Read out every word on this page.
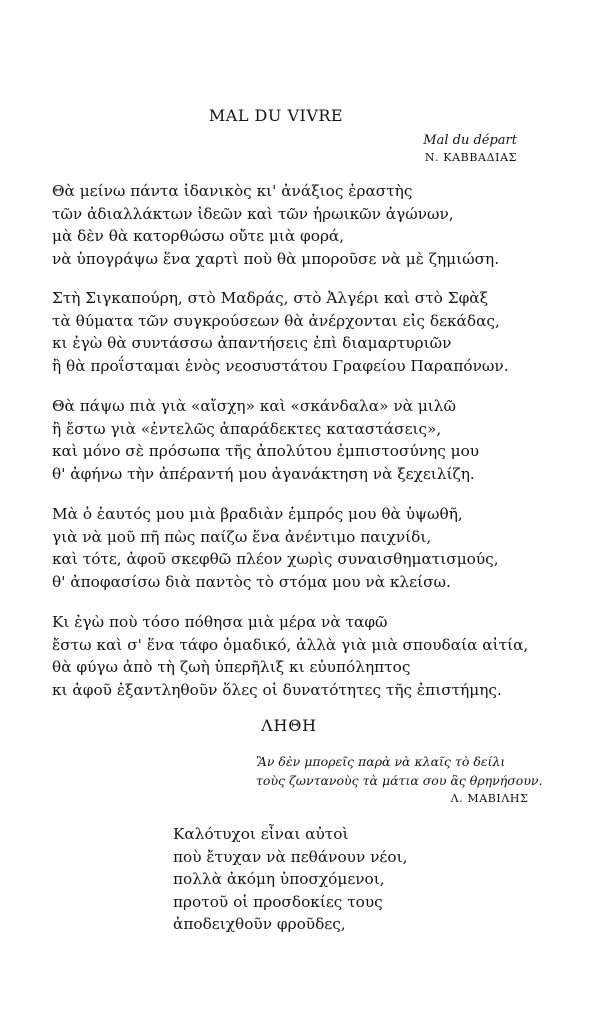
MAL DU VIVRE
Mal du départ
Ν. ΚΑΒΒΑΔΙΑΣ
Θὰ μείνω πάντα ἰδανικὸς κι' ἀνάξιος ἐραστὴς
τῶν ἀδιαλλάκτων ἰδεῶν καὶ τῶν ἡρωικῶν ἀγώνων,
μὰ δὲν θὰ κατορθώσω οὔτε μιὰ φορά,
νὰ ὑπογράψω ἕνα χαρτὶ ποὺ θὰ μποροῦσε νὰ μὲ ζημιώση.
Στὴ Σιγκαπούρη, στὸ Μαδράς, στὸ Ἀλγέρι καὶ στὸ Σφὰξ
τὰ θύματα τῶν συγκρούσεων θὰ ἀνέρχονται εἰς δεκάδας,
κι ἐγὼ θὰ συντάσσω ἀπαντήσεις ἐπὶ διαμαρτυριῶν
ἢ θὰ προΐσταμαι ἑνὸς νεοσυστάτου Γραφείου Παραπόνων.
Θὰ πάψω πιὰ γιὰ «αἴσχη» καὶ «σκάνδαλα» νὰ μιλῶ
ἢ ἔστω γιὰ «ἐντελῶς ἀπαράδεκτες καταστάσεις»,
καὶ μόνο σὲ πρόσωπα τῆς ἀπολύτου ἐμπιστοσύνης μου
θ' ἀφήνω τὴν ἀπέραντή μου ἀγανάκτηση νὰ ξεχειλίζη.
Μὰ ὁ ἑαυτός μου μιὰ βραδιὰν ἐμπρός μου θὰ ὑψωθῆ,
γιὰ νὰ μοῦ πῆ πὼς παίζω ἕνα ἀνέντιμο παιχνίδι,
καὶ τότε, ἀφοῦ σκεφθῶ πλέον χωρὶς συναισθηματισμούς,
θ' ἀποφασίσω διὰ παντὸς τὸ στόμα μου νὰ κλείσω.
Κι ἐγὼ ποὺ τόσο πόθησα μιὰ μέρα νὰ ταφῶ
ἔστω καὶ σ' ἕνα τάφο ὁμαδικό, ἀλλὰ γιὰ μιὰ σπουδαία αἰτία,
θὰ φύγω ἀπὸ τὴ ζωὴ ὑπερῆλιξ κι εὐυπόληπτος
κι ἀφοῦ ἐξαντληθοῦν ὅλες οἱ δυνατότητες τῆς ἐπιστήμης.
ΛΗΘΗ
Ἂν δὲν μπορεῖς παρὰ νὰ κλαῖς τὸ δείλι
τοὺς ζωντανοὺς τὰ μάτια σου ἂς θρηνήσουν.
Λ. ΜΑΒΙΛΗΣ
Καλότυχοι εἶναι αὐτοὶ
ποὺ ἔτυχαν νὰ πεθάνουν νέοι,
πολλὰ ἀκόμη ὑποσχόμενοι,
προτοῦ οἱ προσδοκίες τους
ἀποδειχθοῦν φροῦδες,
